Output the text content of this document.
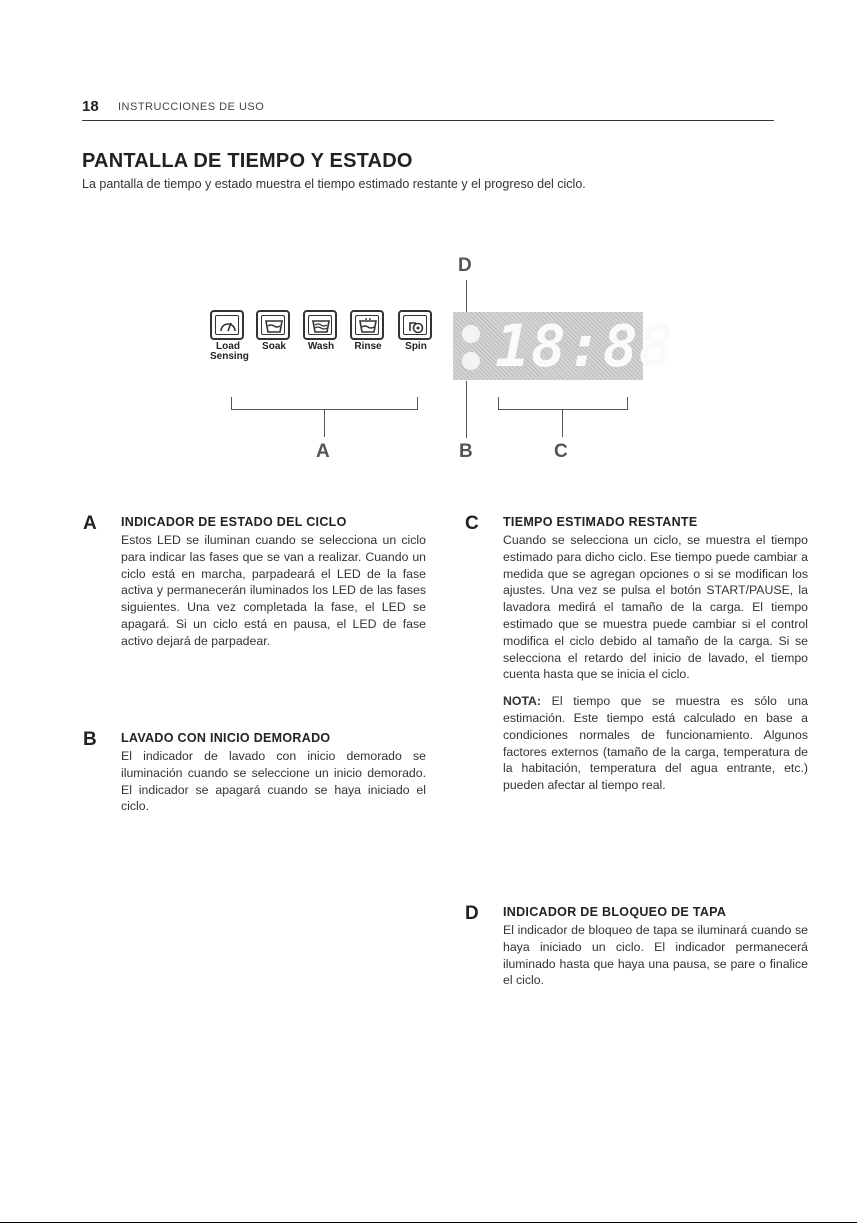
18 INSTRUCCIONES DE USO
PANTALLA DE TIEMPO Y ESTADO

La pantalla de tiempo y estado muestra el tiempo estimado restante y el progreso del ciclo.

D
Load
Sensing
Soak	Wash	Rinse	Spin
A
18:88
B	C
A INDICADOR DE ESTADO DEL CICLO

Estos LED se iluminan cuando se selecciona un ciclo para indicar las fases que se van a realizar. Cuando un ciclo está en marcha, parpadeará el LED de la fase activa y permanecerán iluminados los LED de las fases siguientes. Una vez completada la fase, el LED se apagará. Si un ciclo está en pausa, el LED de fase activo dejará de parpadear.

B LAVADO CON INICIO DEMORADO

El indicador de lavado con inicio demorado se iluminación cuando se seleccione un inicio demorado. El indicador se apagará cuando se haya iniciado el ciclo.

C TIEMPO ESTIMADO RESTANTE

Cuando se selecciona un ciclo, se muestra el tiempo estimado para dicho ciclo. Ese tiempo puede cambiar a medida que se agregan opciones o si se modifican los ajustes. Una vez se pulsa el botón START/PAUSE, la lavadora medirá el tamaño de la carga. El tiempo estimado que se muestra puede cambiar si el control modifica el ciclo debido al tamaño de la carga. Si se selecciona el retardo del inicio de lavado, el tiempo cuenta hasta que se inicia el ciclo.

NOTA: El tiempo que se muestra es sólo una estimación. Este tiempo está calculado en base a condiciones normales de funcionamiento. Algunos factores externos (tamaño de la carga, temperatura de la habitación, temperatura del agua entrante, etc.) pueden afectar al tiempo real.

D INDICADOR DE BLOQUEO DE TAPA

El indicador de bloqueo de tapa se iluminará cuando se haya iniciado un ciclo. El indicador permanecerá iluminado hasta que haya una pausa, se pare o finalice el ciclo.
